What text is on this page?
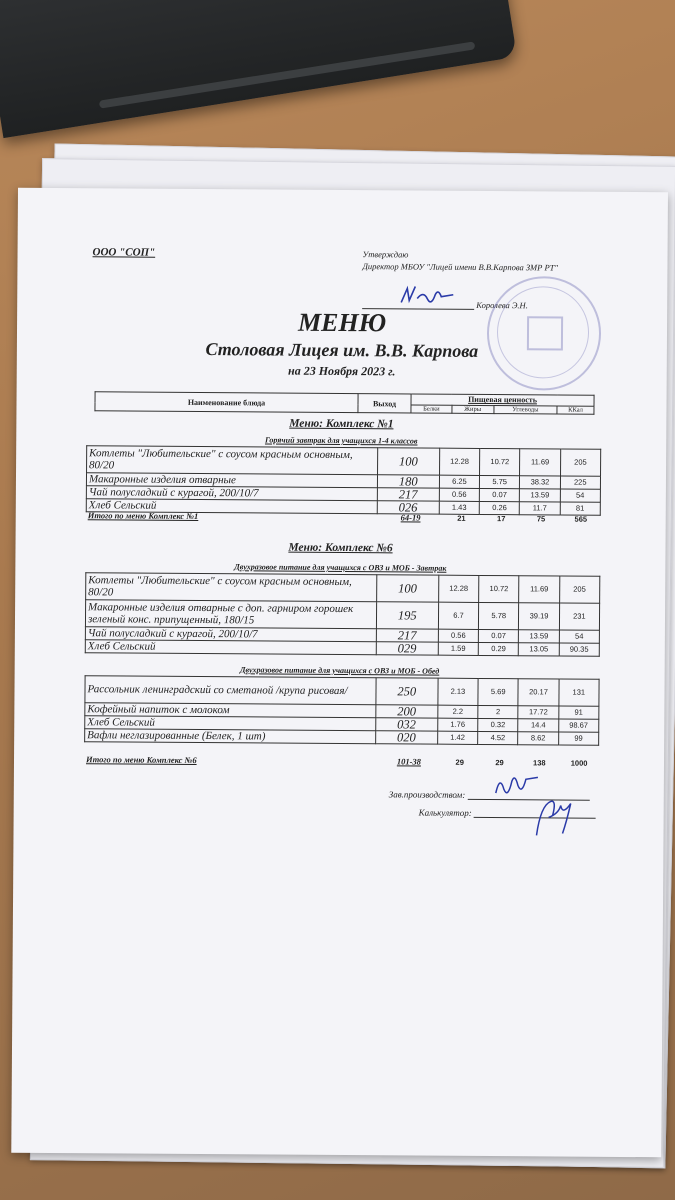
ООО "СОП"	Утверждаю
Директор МБОУ "Лицей имени В.В.Карпова ЗМР РТ"
Королева Э.Н.
МЕНЮ
Столовая Лицея им. В.В. Карпова
на 23 Ноября 2023 г.
Наименование блюда	Выход	Пищевая ценность			
		Белки	Жиры	Углеводы	ККал
Меню: Комплекс №1
Горячий завтрак для учащихся 1-4 классов
Котлеты "Любительские" с соусом красным основным, 80/20	100	12.28	10.72	11.69	205
Макаронные изделия отварные	180	6.25	5.75	38.32	225
Чай полусладкий с курагой, 200/10/7	217	0.56	0.07	13.59	54
Хлеб Сельский	026	1.43	0.26	11.7	81
Итого по меню Комплекс №1	64-19	21	17	75	565
Меню: Комплекс №6
Двухразовое питание для учащихся с ОВЗ и МОБ - Завтрак
Котлеты "Любительские" с соусом красным основным, 80/20	100	12.28	10.72	11.69	205
Макаронные изделия отварные с доп. гарниром горошек зеленый конс. припущенный, 180/15	195	6.7	5.78	39.19	231
Чай полусладкий с курагой, 200/10/7	217	0.56	0.07	13.59	54
Хлеб Сельский	029	1.59	0.29	13.05	90.35
Двухразовое питание для учащихся с ОВЗ и МОБ - Обед
Рассольник ленинградский со сметаной /крупа рисовая/	250	2.13	5.69	20.17	131
Кофейный напиток с молоком	200	2.2	2	17.72	91
Хлеб Сельский	032	1.76	0.32	14.4	98.67
Вафли неглазированные (Белек, 1 шт)	020	1.42	4.52	8.62	99
Итого по меню Комплекс №6	101-38	29	29	138	1000
Зав.производством:
Калькулятор:
